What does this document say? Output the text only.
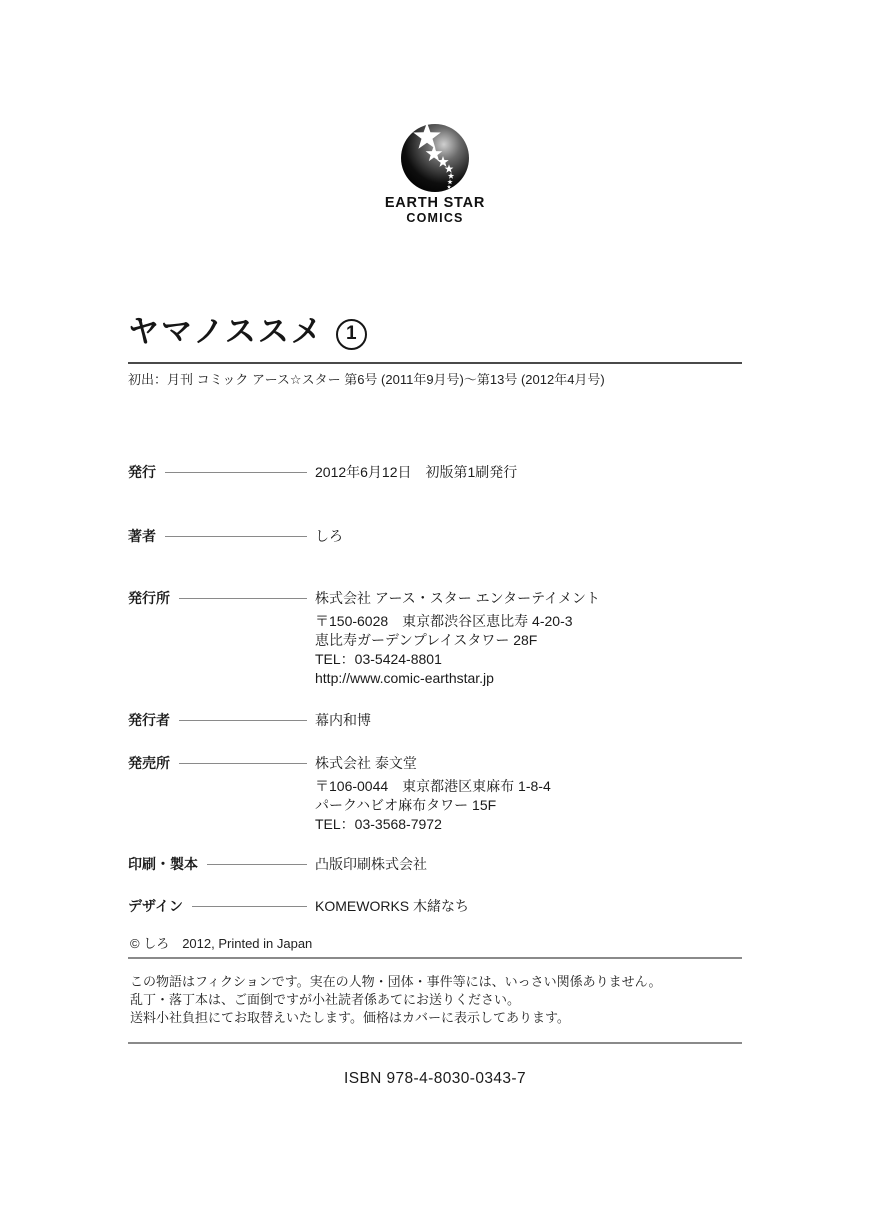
EARTH STAR
COMICS
ヤマノススメ 1
初出：月刊 コミック アース☆スター 第6号 (2011年9月号)～第13号 (2012年4月号)
発行	2012年6月12日　初版第1刷発行
著者	しろ
発行所	株式会社 アース・スター エンターテイメント
〒150-6028　東京都渋谷区恵比寿 4-20-3
恵比寿ガーデンプレイスタワー 28F
TEL：03-5424-8801
http://www.comic-earthstar.jp
発行者	幕内和博
発売所	株式会社 泰文堂
〒106-0044　東京都港区東麻布 1-8-4
パークハビオ麻布タワー 15F
TEL：03-3568-7972
印刷・製本	凸版印刷株式会社
デザイン	KOMEWORKS 木緒なち
© しろ　2012, Printed in Japan
この物語はフィクションです。実在の人物・団体・事件等には、いっさい関係ありません。
乱丁・落丁本は、ご面倒ですが小社読者係あてにお送りください。
送料小社負担にてお取替えいたします。価格はカバーに表示してあります。
ISBN 978-4-8030-0343-7
